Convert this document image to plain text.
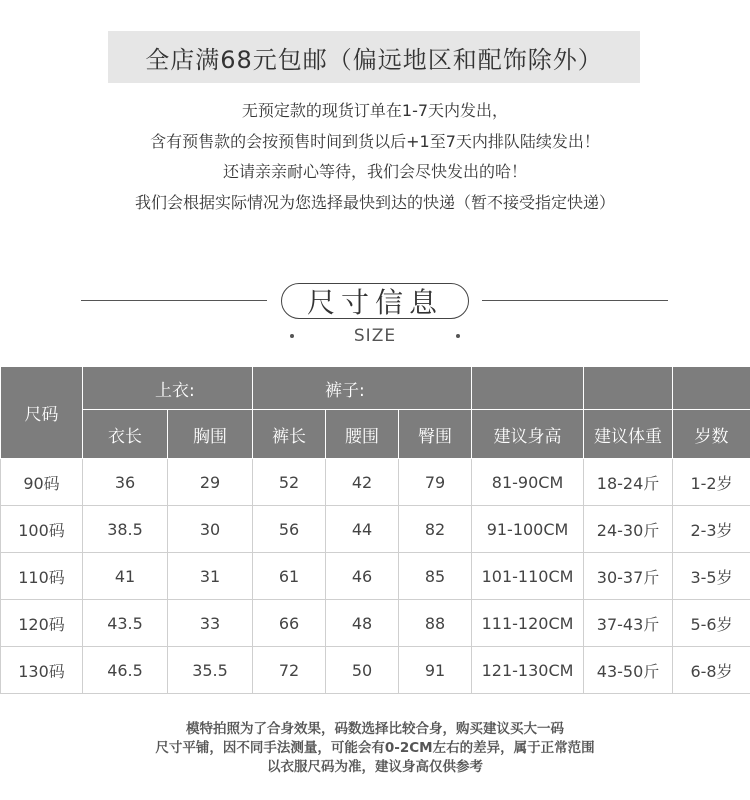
全店满68元包邮（偏远地区和配饰除外）
无预定款的现货订单在1-7天内发出，
含有预售款的会按预售时间到货以后+1至7天内排队陆续发出！
还请亲亲耐心等待，我们会尽快发出的哈！
我们会根据实际情况为您选择最快到达的快递（暂不接受指定快递）
尺寸信息
SIZE
尺码	上衣:		裤子:					
	衣长	胸围	裤长	腰围	臀围	建议身高	建议体重	岁数
90码	36	29	52	42	79	81-90CM	18-24斤	1-2岁
100码	38.5	30	56	44	82	91-100CM	24-30斤	2-3岁
110码	41	31	61	46	85	101-110CM	30-37斤	3-5岁
120码	43.5	33	66	48	88	111-120CM	37-43斤	5-6岁
130码	46.5	35.5	72	50	91	121-130CM	43-50斤	6-8岁
模特拍照为了合身效果，码数选择比较合身，购买建议买大一码
尺寸平铺，因不同手法测量，可能会有0-2CM左右的差异，属于正常范围
以衣服尺码为准，建议身高仅供参考
